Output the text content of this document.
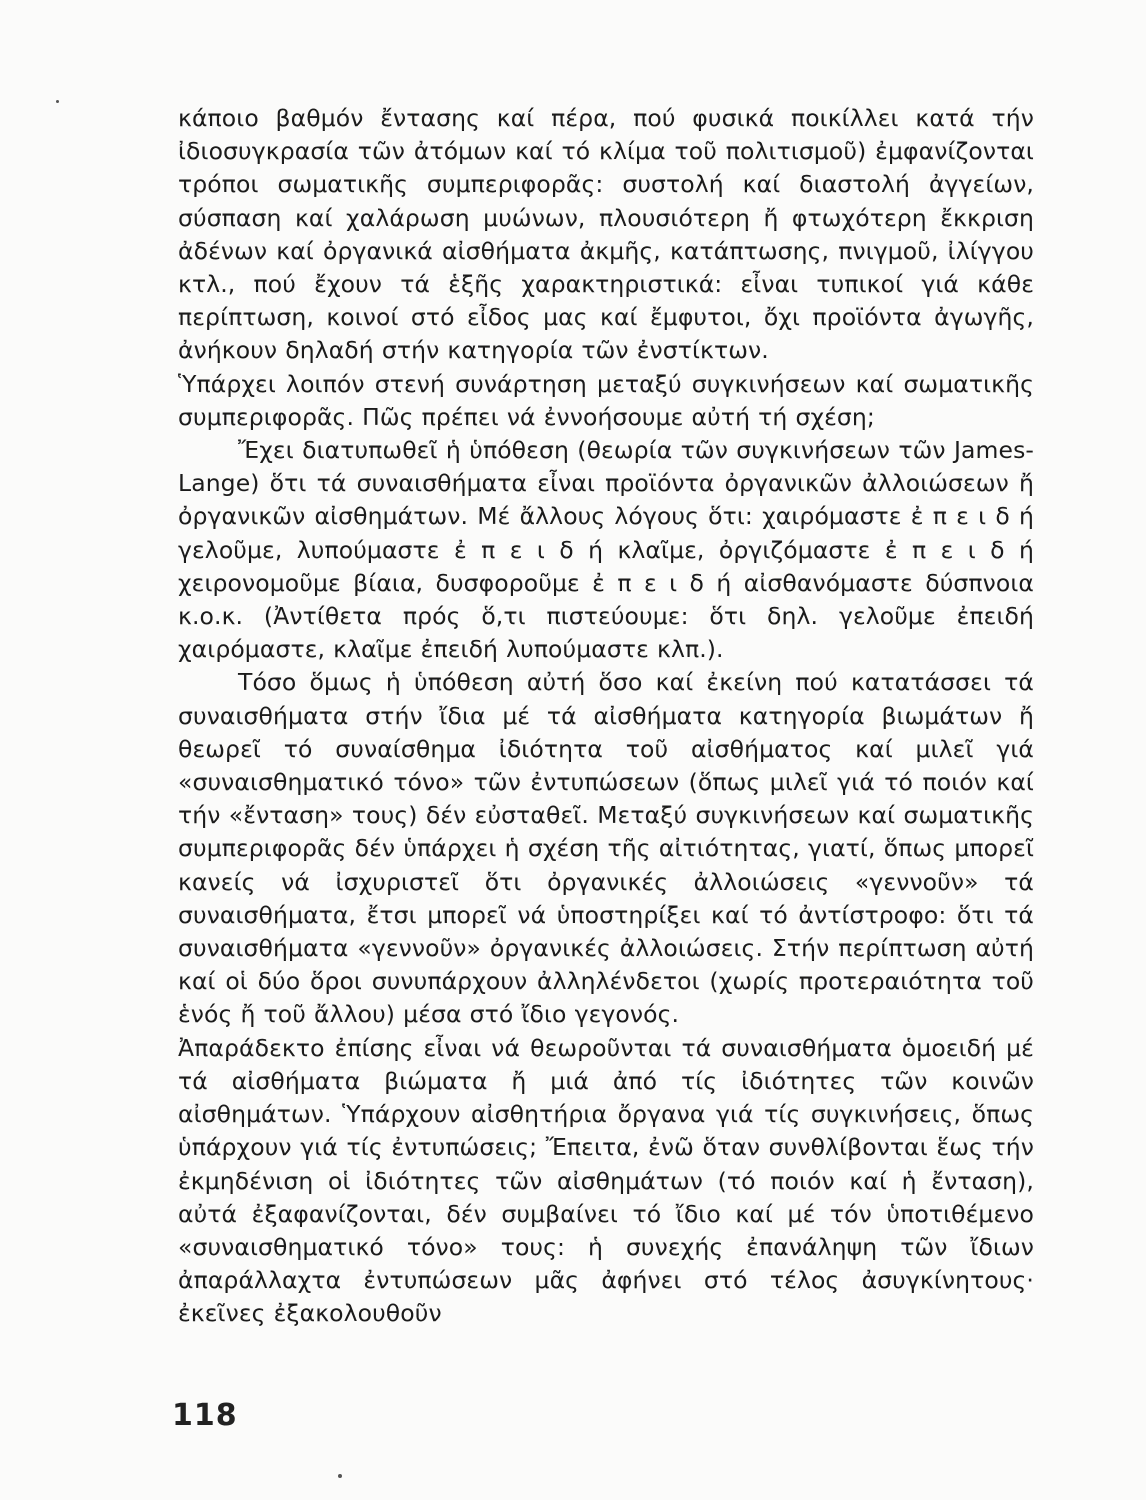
κάποιο βαθμόν ἔντασης καί πέρα, πού φυσικά ποικίλλει κατά τήν ἰδιοσυγκρασία τῶν ἀτόμων καί τό κλίμα τοῦ πολιτισμοῦ) ἐμφανίζονται τρόποι σωματικῆς συμπεριφορᾶς: συστολή καί διαστολή ἀγγείων, σύσπαση καί χαλάρωση μυώνων, πλουσιότερη ἤ φτωχότερη ἔκκριση ἀδένων καί ὀργανικά αἰσθήματα ἀκμῆς, κατάπτωσης, πνιγμοῦ, ἰλίγγου κτλ., πού ἔχουν τά ἑξῆς χαρακτηριστικά: εἶναι τυπικοί γιά κάθε περίπτωση, κοινοί στό εἶδος μας καί ἔμφυτοι, ὄχι προϊόντα ἀγωγῆς, ἀνήκουν δηλαδή στήν κατηγορία τῶν ἐνστίκτων.

Ὑπάρχει λοιπόν στενή συνάρτηση μεταξύ συγκινήσεων καί σωματικῆς συμπεριφορᾶς. Πῶς πρέπει νά ἐννοήσουμε αὐτή τή σχέση;

Ἔχει διατυπωθεῖ ἡ ὑπόθεση (θεωρία τῶν συγκινήσεων τῶν James-Lange) ὅτι τά συναισθήματα εἶναι προϊόντα ὀργανικῶν ἀλλοιώσεων ἤ ὀργανικῶν αἰσθημάτων. Μέ ἄλλους λόγους ὅτι: χαιρόμαστε ἐ π ε ι δ ή γελοῦμε, λυπούμαστε ἐ π ε ι δ ή κλαῖμε, ὀργιζόμαστε ἐ π ε ι δ ή χειρονομοῦμε βίαια, δυσφοροῦμε ἐ π ε ι δ ή αἰσθανόμαστε δύσπνοια κ.ο.κ. (Ἀντίθετα πρός ὅ,τι πιστεύουμε: ὅτι δηλ. γελοῦμε ἐπειδή χαιρόμαστε, κλαῖμε ἐπειδή λυπούμαστε κλπ.).

Τόσο ὅμως ἡ ὑπόθεση αὐτή ὅσο καί ἐκείνη πού κατατάσσει τά συναισθήματα στήν ἴδια μέ τά αἰσθήματα κατηγορία βιωμάτων ἤ θεωρεῖ τό συναίσθημα ἰδιότητα τοῦ αἰσθήματος καί μιλεῖ γιά «συναισθηματικό τόνο» τῶν ἐντυπώσεων (ὅπως μιλεῖ γιά τό ποιόν καί τήν «ἔνταση» τους) δέν εὐσταθεῖ. Μεταξύ συγκινήσεων καί σωματικῆς συμπεριφορᾶς δέν ὑπάρχει ἡ σχέση τῆς αἰτιότητας, γιατί, ὅπως μπορεῖ κανείς νά ἰσχυριστεῖ ὅτι ὀργανικές ἀλλοιώσεις «γεννοῦν» τά συναισθήματα, ἔτσι μπορεῖ νά ὑποστηρίξει καί τό ἀντίστροφο: ὅτι τά συναισθήματα «γεννοῦν» ὀργανικές ἀλλοιώσεις. Στήν περίπτωση αὐτή καί οἱ δύο ὅροι συνυπάρχουν ἀλληλένδετοι (χωρίς προτεραιότητα τοῦ ἑνός ἤ τοῦ ἄλλου) μέσα στό ἴδιο γεγονός.

Ἀπαράδεκτο ἐπίσης εἶναι νά θεωροῦνται τά συναισθήματα ὁμοειδή μέ τά αἰσθήματα βιώματα ἤ μιά ἀπό τίς ἰδιότητες τῶν κοινῶν αἰσθημάτων. Ὑπάρχουν αἰσθητήρια ὄργανα γιά τίς συγκινήσεις, ὅπως ὑπάρχουν γιά τίς ἐντυπώσεις; Ἔπειτα, ἐνῶ ὅταν συνθλίβονται ἕως τήν ἐκμηδένιση οἱ ἰδιότητες τῶν αἰσθημάτων (τό ποιόν καί ἡ ἔνταση), αὐτά ἐξαφανίζονται, δέν συμβαίνει τό ἴδιο καί μέ τόν ὑποτιθέμενο «συναισθηματικό τόνο» τους: ἡ συνεχής ἐπανάληψη τῶν ἴδιων ἀπαράλλαχτα ἐντυπώσεων μᾶς ἀφήνει στό τέλος ἀσυγκίνητους· ἐκεῖνες ἐξακολουθοῦν

118
